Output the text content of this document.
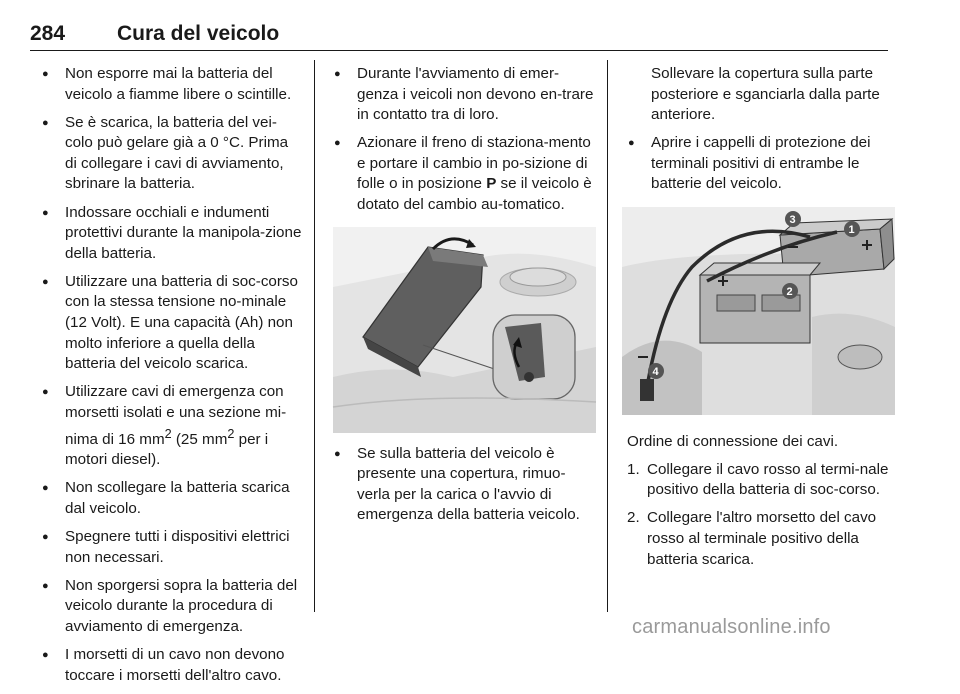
284 Cura del veicolo
● Non esporre mai la batteria del veicolo a fiamme libere o scintille.
● Se è scarica, la batteria del vei-colo può gelare già a 0 °C. Prima di collegare i cavi di avviamento, sbrinare la batteria.
● Indossare occhiali e indumenti protettivi durante la manipola-zione della batteria.
● Utilizzare una batteria di soc-corso con la stessa tensione no-minale (12 Volt). E una capacità (Ah) non molto inferiore a quella della batteria del veicolo scarica.
● Utilizzare cavi di emergenza con morsetti isolati e una sezione mi-nima di 16 $mm^2$ (25 $mm^2$ per i motori diesel).
● Non scollegare la batteria scarica dal veicolo.
● Spegnere tutti i dispositivi elettrici non necessari.
● Non sporgersi sopra la batteria del veicolo durante la procedura di avviamento di emergenza.
● I morsetti di un cavo non devono toccare i morsetti dell'altro cavo.
● Durante l'avviamento di emer-genza i veicoli non devono en-trare in contatto tra di loro.
● Azionare il freno di staziona-mento e portare il cambio in po-sizione di folle o in posizione P se il veicolo è dotato del cambio au-tomatico.
● Se sulla batteria del veicolo è presente una copertura, rimuo-verla per la carica o l'avvio di emergenza della batteria veicolo.
Sollevare la copertura sulla parte posteriore e sganciarla dalla parte anteriore.
● Aprire i cappelli di protezione dei terminali positivi di entrambe le batterie del veicolo.
1
2
3
4
Ordine di connessione dei cavi.
1. Collegare il cavo rosso al termi-nale positivo della batteria di soc-corso.
2. Collegare l'altro morsetto del cavo rosso al terminale positivo della batteria scarica.
carmanualsonline.info
